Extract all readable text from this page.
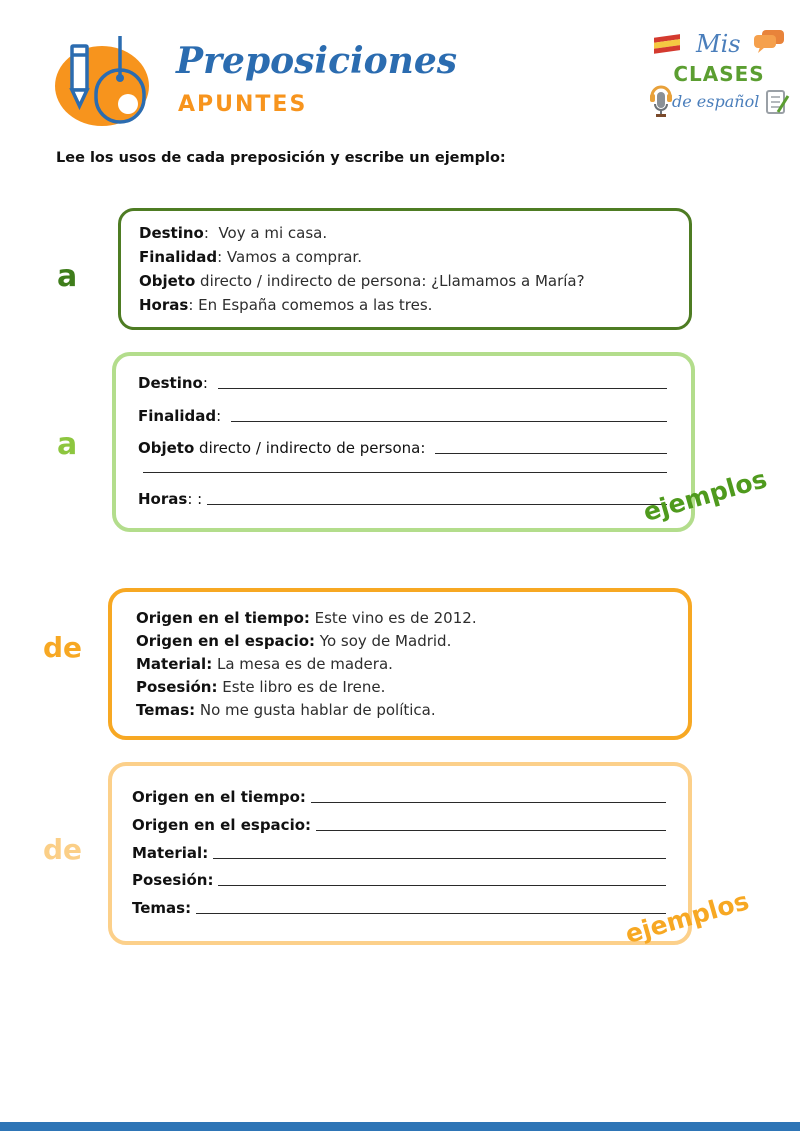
Preposiciones
APUNTES
Mis
CLASES
de español
Lee los usos de cada preposición y escribe un ejemplo:
a
a
de
de
Destino:  Voy a mi casa.
Finalidad: Vamos a comprar.
Objeto directo / indirecto de persona: ¿Llamamos a María?
Horas: En España comemos a las tres.
Destino :
Finalidad :
Objeto directo / indirecto de persona:
Horas : :	ejemplos
Origen en el tiempo: Este vino es de 2012.
Origen en el espacio: Yo soy de Madrid.
Material: La mesa es de madera.
Posesión: Este libro es de Irene.
Temas: No me gusta hablar de política.
Origen en el tiempo:
Origen en el espacio:
Material:
Posesión:
Temas:	ejemplos
